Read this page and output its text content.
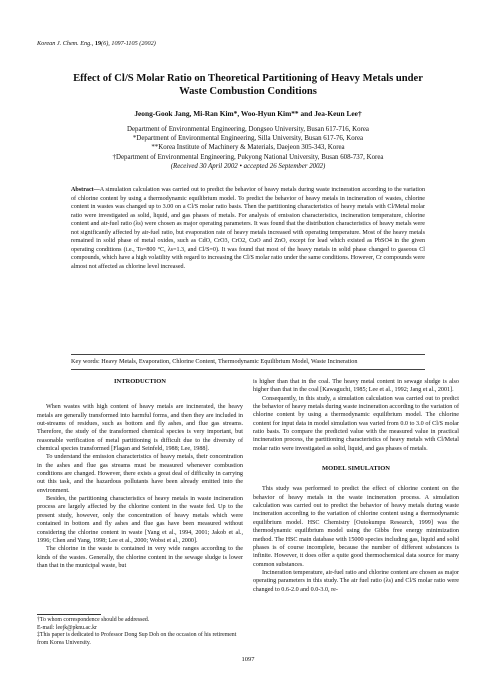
Korean J. Chem. Eng., 19(6), 1097-1105 (2002)
Effect of Cl/S Molar Ratio on Theoretical Partitioning of Heavy Metals under
Waste Combustion Conditions
Jeong-Gook Jang, Mi-Ran Kim*, Woo-Hyun Kim** and Jea-Keun Lee†
Department of Environmental Engineering, Dongseo University, Busan 617-716, Korea
*Department of Environmental Engineering, Silla University, Busan 617-76, Korea
**Korea Institute of Machinery & Materials, Daejeon 305-343, Korea
†Department of Environmental Engineering, Pukyong National University, Busan 608-737, Korea
(Received 30 April 2002 • accepted 26 September 2002)
Abstract—A simulation calculation was carried out to predict the behavior of heavy metals during waste incineration according to the variation of chlorine content by using a thermodynamic equilibrium model. To predict the behavior of heavy metals in incineration of wastes, chlorine content in wastes was changed up to 3.00 on a Cl/S molar ratio basis. Then the partitioning characteristics of heavy metals with Cl/Metal molar ratio were investigated as solid, liquid, and gas phases of metals. For analysis of emission characteristics, incineration temperature, chlorine content and air-fuel ratio (λs) were chosen as major operating parameters. It was found that the distribution characteristics of heavy metals were not significantly affected by air-fuel ratio, but evaporation rate of heavy metals increased with operating temperature. Most of the heavy metals remained in solid phase of metal oxides, such as CdO, CrO3, CrO2, CuO and ZnO, except for lead which existed as PbSO4 in the given operating conditions (i.e., To=800 °C, λs=1.3, and Cl/S=0). It was found that most of the heavy metals in solid phase changed to gaseous Cl compounds, which have a high volatility with regard to increasing the Cl/S molar ratio under the same conditions. However, Cr compounds were almost not affected as chlorine level increased.
Key words: Heavy Metals, Evaporation, Chlorine Content, Thermodynamic Equilibrium Model, Waste Incineration

INTRODUCTION

When wastes with high content of heavy metals are incinerated, the heavy metals are generally transformed into harmful forms, and then they are included in out-streams of residues, such as bottom and fly ashes, and flue gas streams. Therefore, the study of the transformed chemical species is very important, but reasonable verification of metal partitioning is difficult due to the diversity of chemical species transformed [Flagan and Seinfeld, 1988; Lee, 1988].

To understand the emission characteristics of heavy metals, their concentration in the ashes and flue gas streams must be measured whenever combustion conditions are changed. However, there exists a great deal of difficulty in carrying out this task, and the hazardous pollutants have been already emitted into the environment.

Besides, the partitioning characteristics of heavy metals in waste incineration process are largely affected by the chlorine content in the waste fed. Up to the present study, however, only the concentration of heavy metals which were contained in bottom and fly ashes and flue gas have been measured without considering the chlorine content in waste [Yang et al., 1994, 2001; Jakob et al., 1996; Chen and Yang, 1998; Lee et al., 2000; Wobst et al., 2000].

The chlorine in the waste is contained in very wide ranges according to the kinds of the wastes. Generally, the chlorine content in the sewage sludge is lower than that in the municipal waste, but

†To whom correspondence should be addressed.
E-mail: leejk@pknu.ac.kr
‡This paper is dedicated to Professor Dong Sup Doh on the occasion of his retirement from Korea University.

is higher than that in the coal. The heavy metal content in sewage sludge is also higher than that in the coal [Kawaguchi, 1985; Lee et al., 1992; Jang et al., 2001].

Consequently, in this study, a simulation calculation was carried out to predict the behavior of heavy metals during waste incineration according to the variation of chlorine content by using a thermodynamic equilibrium model. The chlorine content for input data in model simulation was varied from 0.0 to 3.0 of Cl/S molar ratio basis. To compare the predicted value with the measured value in practical incineration process, the partitioning characteristics of heavy metals with Cl/Metal molar ratio were investigated as solid, liquid, and gas phases of metals.

MODEL SIMULATION

This study was performed to predict the effect of chlorine content on the behavior of heavy metals in the waste incineration process. A simulation calculation was carried out to predict the behavior of heavy metals during waste incineration according to the variation of chlorine content using a thermodynamic equilibrium model. HSC Chemistry [Outokumpu Research, 1999] was the thermodynamic equilibrium model using the Gibbs free energy minimization method. The HSC main database with 15000 species including gas, liquid and solid phases is of course incomplete, because the number of different substances is infinite. However, it does offer a quite good thermochemical data source for many common substances.

Incineration temperature, air-fuel ratio and chlorine content are chosen as major operating parameters in this study. The air fuel ratio (λs) and Cl/S molar ratio were changed to 0.6-2.0 and 0.0-3.0, re-

1097
